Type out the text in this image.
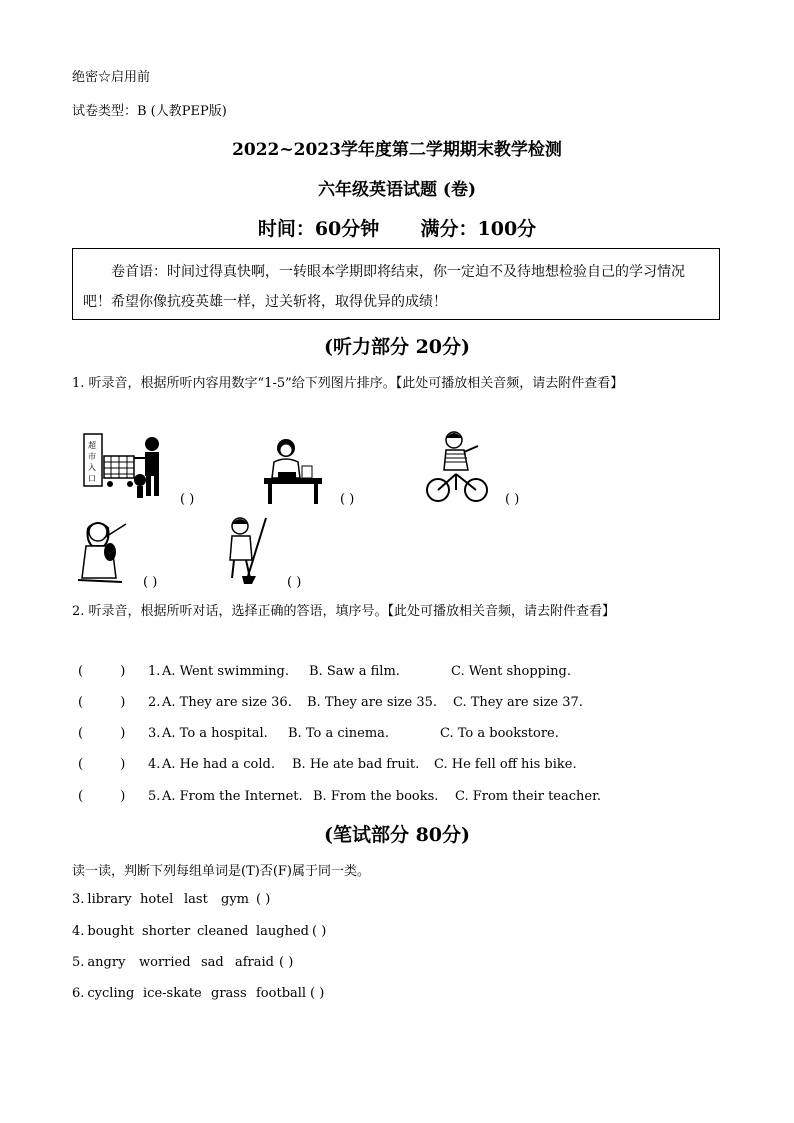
绝密☆启用前
试卷类型：B (人教PEP版)
2022~2023学年度第二学期期末教学检测
六年级英语试题 (卷)
时间：60分钟 满分：100分
卷首语：时间过得真快啊，一转眼本学期即将结束，你一定迫不及待地想检验自己的学习情况吧！希望你像抗疫英雄一样，过关斩将，取得优异的成绩！
(听力部分 20分)
1. 听录音，根据所听内容用数字“1-5”给下列图片排序。【此处可播放相关音频，请去附件查看】
超
市
入
口
( )	( )	( )
( )	( )
2. 听录音，根据所听对话，选择正确的答语，填序号。【此处可播放相关音频，请去附件查看】
(         ) 1. A. Went swimming. B. Saw a film.	C. Went shopping.
(         ) 2. A. They are size 36. B. They are size 35. C. They are size 37.
(         ) 3. A. To a hospital. B. To a cinema.	C. To a bookstore.
(         ) 4. A. He had a cold. B. He ate bad fruit. C. He fell off his bike.
(         ) 5. A. From the Internet. B. From the books. C. From their teacher.
(笔试部分 80分)
读一读，判断下列每组单词是(T)否(F)属于同一类。
3. library hotel last gym ( )
4. bought shorter cleaned laughed ( )
5. angry worried sad afraid ( )
6. cycling ice-skate grass football ( )
